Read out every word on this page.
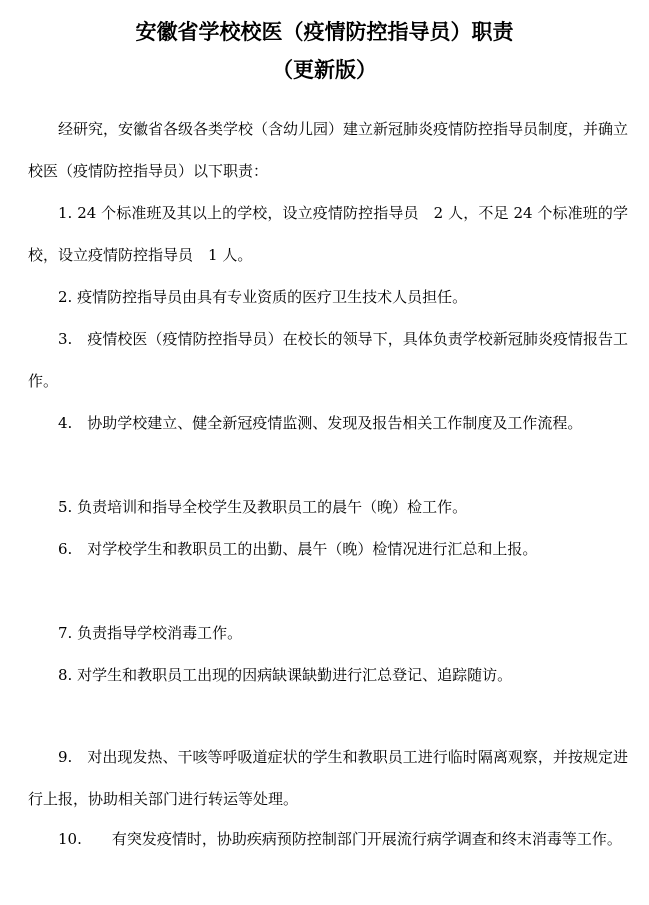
安徽省学校校医（疫情防控指导员）职责
（更新版）
经研究，安徽省各级各类学校（含幼儿园）建立新冠肺炎疫情防控指导员制度，并确立校医（疫情防控指导员）以下职责：
1. 24 个标准班及其以上的学校，设立疫情防控指导员　2 人，不足 24 个标准班的学校，设立疫情防控指导员　1 人。
2. 疫情防控指导员由具有专业资质的医疗卫生技术人员担任。
3.　疫情校医（疫情防控指导员）在校长的领导下，具体负责学校新冠肺炎疫情报告工作。
4.　协助学校建立、健全新冠疫情监测、发现及报告相关工作制度及工作流程。
5. 负责培训和指导全校学生及教职员工的晨午（晚）检工作。
6.　对学校学生和教职员工的出勤、晨午（晚）检情况进行汇总和上报。
7. 负责指导学校消毒工作。
8. 对学生和教职员工出现的因病缺课缺勤进行汇总登记、追踪随访。
9.　对出现发热、干咳等呼吸道症状的学生和教职员工进行临时隔离观察，并按规定进行上报，协助相关部门进行转运等处理。
10.　　有突发疫情时，协助疾病预防控制部门开展流行病学调查和终末消毒等工作。
